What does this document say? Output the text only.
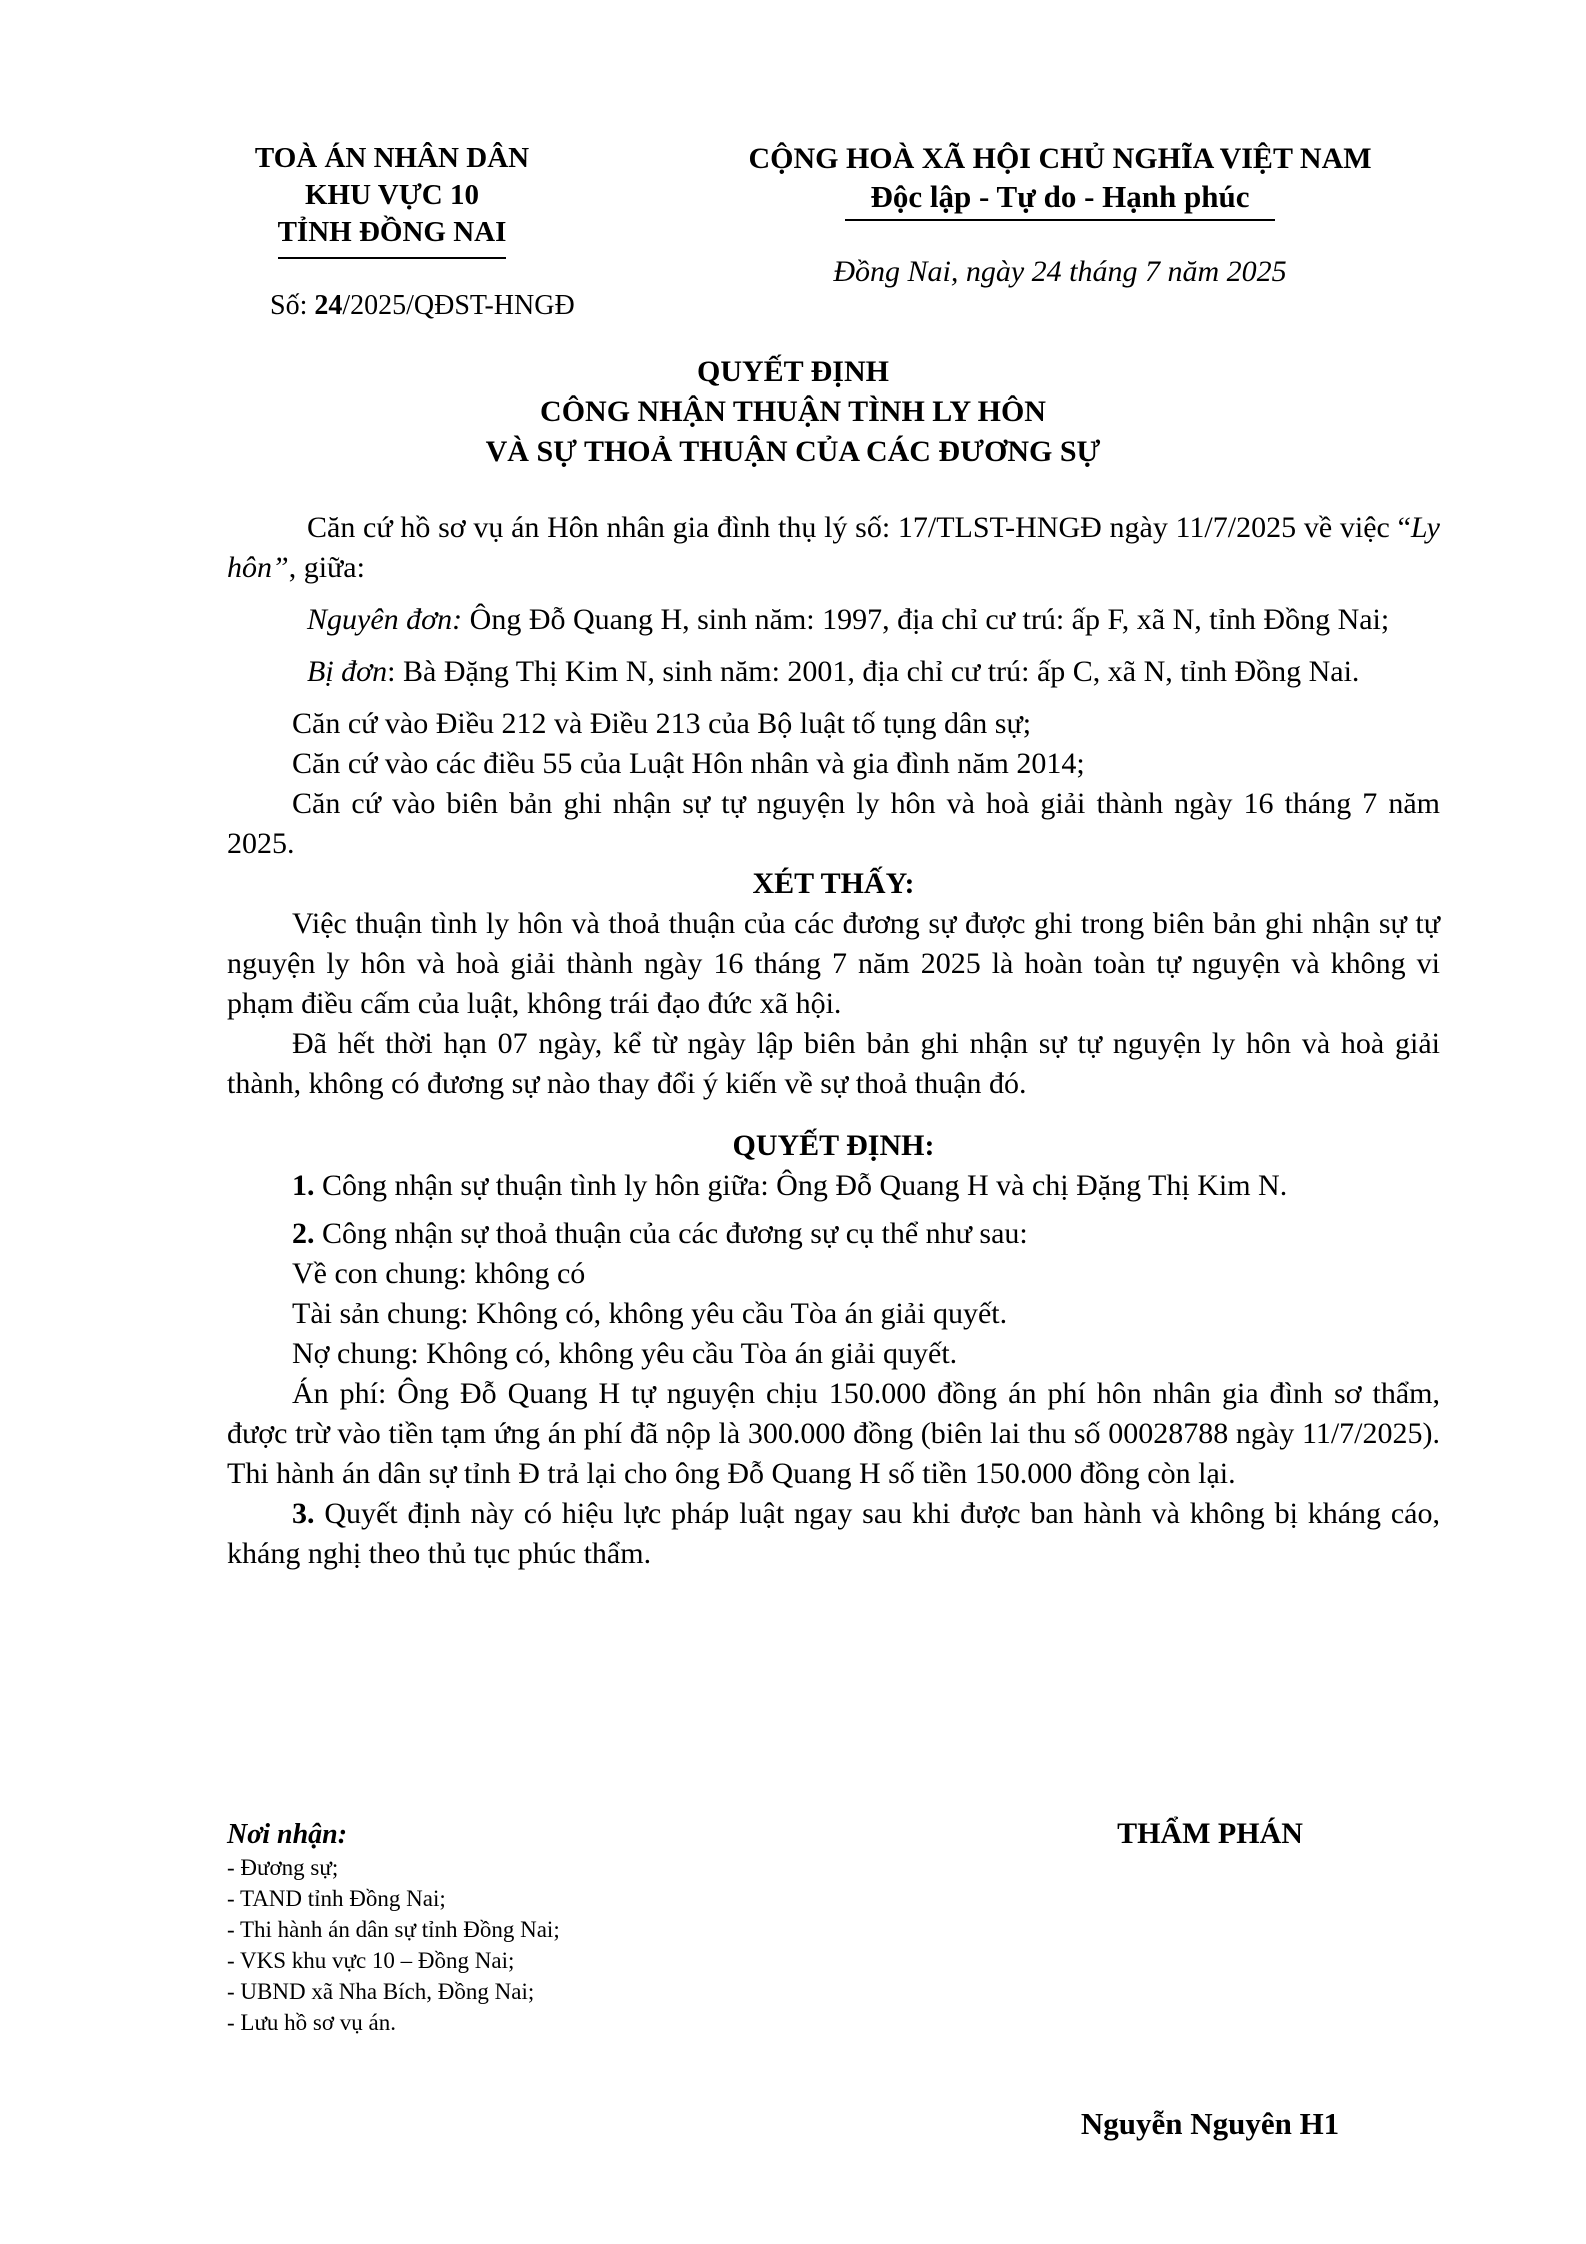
TOÀ ÁN NHÂN DÂN
KHU VỰC 10
TỈNH ĐỒNG NAI
Số: 24/2025/QĐST-HNGĐ
CỘNG HOÀ XÃ HỘI CHỦ NGHĨA VIỆT NAM
Độc lập - Tự do - Hạnh phúc
Đồng Nai, ngày 24 tháng 7 năm 2025
QUYẾT ĐỊNH
CÔNG NHẬN THUẬN TÌNH LY HÔN
VÀ SỰ THOẢ THUẬN CỦA CÁC ĐƯƠNG SỰ

Căn cứ hồ sơ vụ án Hôn nhân gia đình thụ lý số: 17/TLST-HNGĐ ngày 11/7/2025 về việc “Ly hôn”, giữa:

Nguyên đơn: Ông Đỗ Quang H, sinh năm: 1997, địa chỉ cư trú: ấp F, xã N, tỉnh Đồng Nai;

Bị đơn: Bà Đặng Thị Kim N, sinh năm: 2001, địa chỉ cư trú: ấp C, xã N, tỉnh Đồng Nai.

Căn cứ vào Điều 212 và Điều 213 của Bộ luật tố tụng dân sự;

Căn cứ vào các điều 55 của Luật Hôn nhân và gia đình năm 2014;

Căn cứ vào biên bản ghi nhận sự tự nguyện ly hôn và hoà giải thành ngày 16 tháng 7 năm 2025.

XÉT THẤY:

Việc thuận tình ly hôn và thoả thuận của các đương sự được ghi trong biên bản ghi nhận sự tự nguyện ly hôn và hoà giải thành ngày 16 tháng 7 năm 2025 là hoàn toàn tự nguyện và không vi phạm điều cấm của luật, không trái đạo đức xã hội.

Đã hết thời hạn 07 ngày, kể từ ngày lập biên bản ghi nhận sự tự nguyện ly hôn và hoà giải thành, không có đương sự nào thay đổi ý kiến về sự thoả thuận đó.

QUYẾT ĐỊNH:

1. Công nhận sự thuận tình ly hôn giữa: Ông Đỗ Quang H và chị Đặng Thị Kim N.

2. Công nhận sự thoả thuận của các đương sự cụ thể như sau:

Về con chung: không có

Tài sản chung: Không có, không yêu cầu Tòa án giải quyết.

Nợ chung: Không có, không yêu cầu Tòa án giải quyết.

Án phí: Ông Đỗ Quang H tự nguyện chịu 150.000 đồng án phí hôn nhân gia đình sơ thẩm, được trừ vào tiền tạm ứng án phí đã nộp là 300.000 đồng (biên lai thu số 00028788 ngày 11/7/2025). Thi hành án dân sự tỉnh Đ trả lại cho ông Đỗ Quang H số tiền 150.000 đồng còn lại.

3. Quyết định này có hiệu lực pháp luật ngay sau khi được ban hành và không bị kháng cáo, kháng nghị theo thủ tục phúc thẩm.

Nơi nhận:
- Đương sự;
- TAND tỉnh Đồng Nai;
- Thi hành án dân sự tỉnh Đồng Nai;
- VKS khu vực 10 – Đồng Nai;
- UBND xã Nha Bích, Đồng Nai;
- Lưu hồ sơ vụ án.
THẨM PHÁN
Nguyễn Nguyên H1
